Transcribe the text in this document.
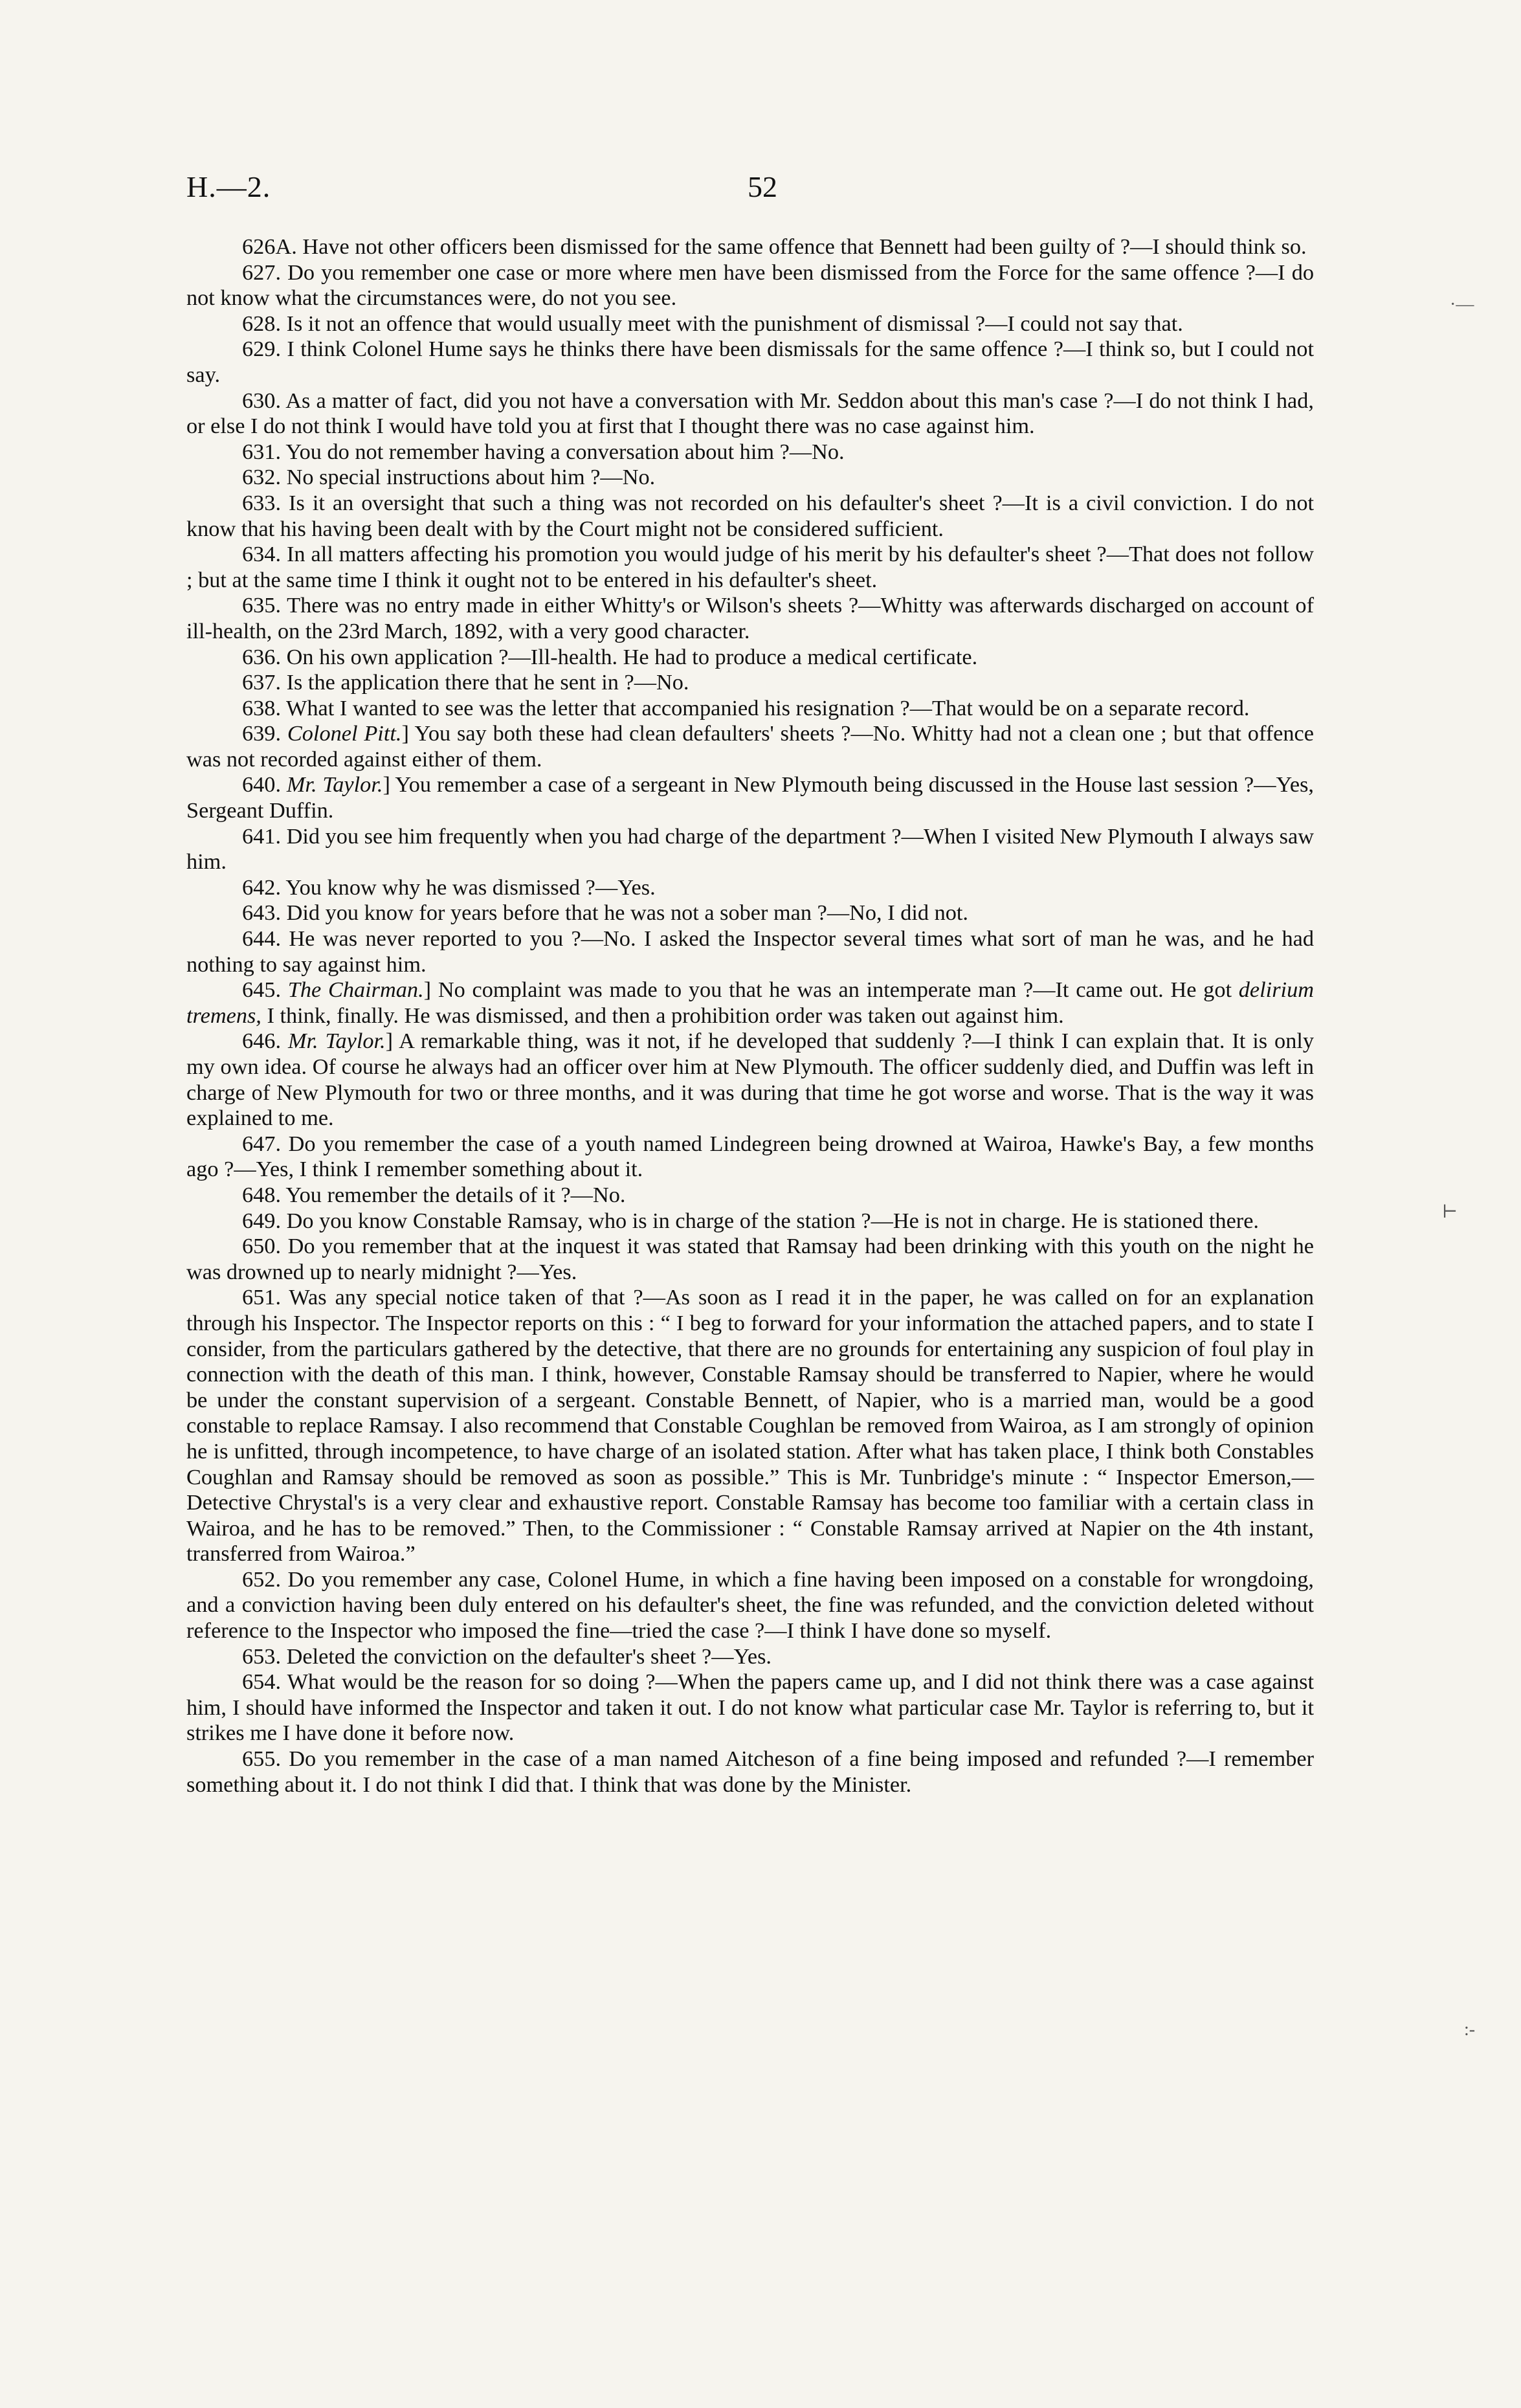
H.—2.	52

626A. Have not other officers been dismissed for the same offence that Bennett had been guilty of ?—I should think so.

627. Do you remember one case or more where men have been dismissed from the Force for the same offence ?—I do not know what the circumstances were, do not you see.

628. Is it not an offence that would usually meet with the punishment of dismissal ?—I could not say that.

629. I think Colonel Hume says he thinks there have been dismissals for the same offence ?—I think so, but I could not say.

630. As a matter of fact, did you not have a conversation with Mr. Seddon about this man's case ?—I do not think I had, or else I do not think I would have told you at first that I thought there was no case against him.

631. You do not remember having a conversation about him ?—No.

632. No special instructions about him ?—No.

633. Is it an oversight that such a thing was not recorded on his defaulter's sheet ?—It is a civil conviction. I do not know that his having been dealt with by the Court might not be considered sufficient.

634. In all matters affecting his promotion you would judge of his merit by his defaulter's sheet ?—That does not follow ; but at the same time I think it ought not to be entered in his defaulter's sheet.

635. There was no entry made in either Whitty's or Wilson's sheets ?—Whitty was afterwards discharged on account of ill-health, on the 23rd March, 1892, with a very good character.

636. On his own application ?—Ill-health. He had to produce a medical certificate.

637. Is the application there that he sent in ?—No.

638. What I wanted to see was the letter that accompanied his resignation ?—That would be on a separate record.

639. Colonel Pitt.] You say both these had clean defaulters' sheets ?—No. Whitty had not a clean one ; but that offence was not recorded against either of them.

640. Mr. Taylor.] You remember a case of a sergeant in New Plymouth being discussed in the House last session ?—Yes, Sergeant Duffin.

641. Did you see him frequently when you had charge of the department ?—When I visited New Plymouth I always saw him.

642. You know why he was dismissed ?—Yes.

643. Did you know for years before that he was not a sober man ?—No, I did not.

644. He was never reported to you ?—No. I asked the Inspector several times what sort of man he was, and he had nothing to say against him.

645. The Chairman.] No complaint was made to you that he was an intemperate man ?—It came out. He got delirium tremens, I think, finally. He was dismissed, and then a prohibition order was taken out against him.

646. Mr. Taylor.] A remarkable thing, was it not, if he developed that suddenly ?—I think I can explain that. It is only my own idea. Of course he always had an officer over him at New Plymouth. The officer suddenly died, and Duffin was left in charge of New Plymouth for two or three months, and it was during that time he got worse and worse. That is the way it was explained to me.

647. Do you remember the case of a youth named Lindegreen being drowned at Wairoa, Hawke's Bay, a few months ago ?—Yes, I think I remember something about it.

648. You remember the details of it ?—No.

649. Do you know Constable Ramsay, who is in charge of the station ?—He is not in charge. He is stationed there.

650. Do you remember that at the inquest it was stated that Ramsay had been drinking with this youth on the night he was drowned up to nearly midnight ?—Yes.

651. Was any special notice taken of that ?—As soon as I read it in the paper, he was called on for an explanation through his Inspector. The Inspector reports on this : “ I beg to forward for your information the attached papers, and to state I consider, from the particulars gathered by the detective, that there are no grounds for entertaining any suspicion of foul play in connection with the death of this man. I think, however, Constable Ramsay should be transferred to Napier, where he would be under the constant supervision of a sergeant. Constable Bennett, of Napier, who is a married man, would be a good constable to replace Ramsay. I also recommend that Constable Coughlan be removed from Wairoa, as I am strongly of opinion he is unfitted, through incompetence, to have charge of an isolated station. After what has taken place, I think both Constables Coughlan and Ramsay should be removed as soon as possible.” This is Mr. Tunbridge's minute : “ Inspector Emerson,—Detective Chrystal's is a very clear and exhaustive report. Constable Ramsay has become too familiar with a certain class in Wairoa, and he has to be removed.” Then, to the Commissioner : “ Constable Ramsay arrived at Napier on the 4th instant, transferred from Wairoa.”

652. Do you remember any case, Colonel Hume, in which a fine having been imposed on a constable for wrongdoing, and a conviction having been duly entered on his defaulter's sheet, the fine was refunded, and the conviction deleted without reference to the Inspector who imposed the fine—tried the case ?—I think I have done so myself.

653. Deleted the conviction on the defaulter's sheet ?—Yes.

654. What would be the reason for so doing ?—When the papers came up, and I did not think there was a case against him, I should have informed the Inspector and taken it out. I do not know what particular case Mr. Taylor is referring to, but it strikes me I have done it before now.

655. Do you remember in the case of a man named Aitcheson of a fine being imposed and refunded ?—I remember something about it. I do not think I did that. I think that was done by the Minister.

·—
⊢
:-
